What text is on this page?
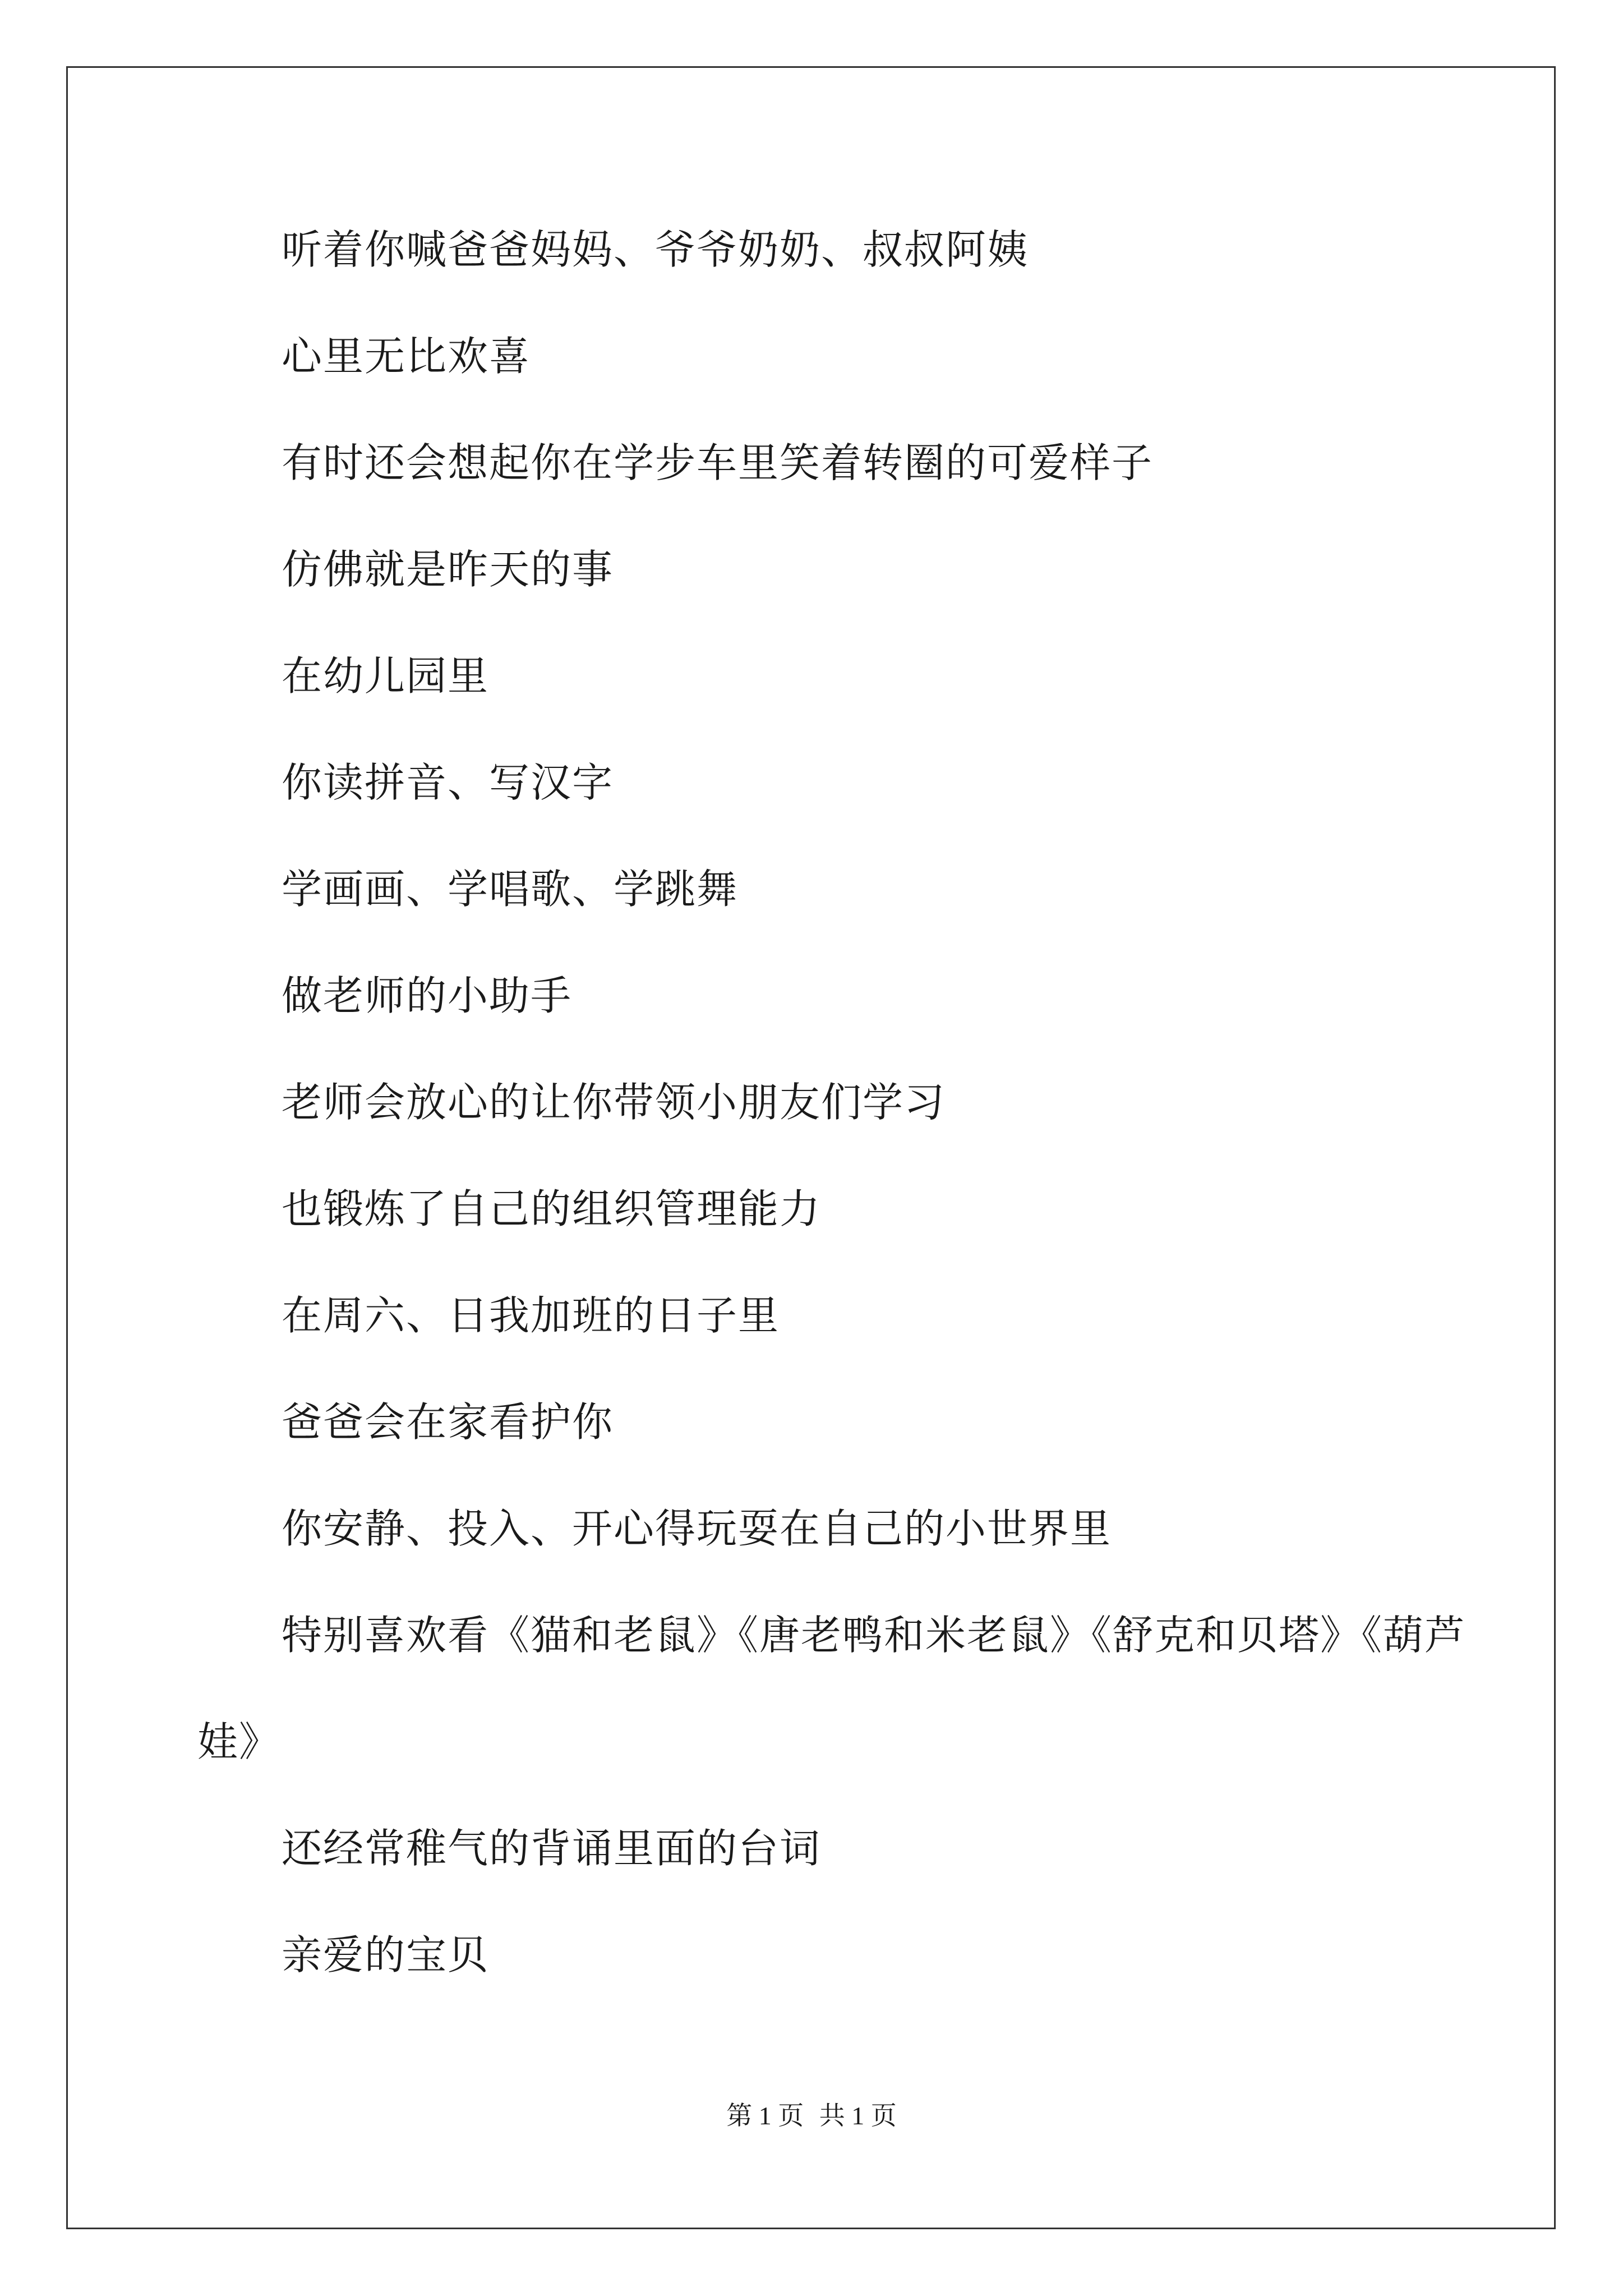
听着你喊爸爸妈妈、爷爷奶奶、叔叔阿姨
心里无比欢喜
有时还会想起你在学步车里笑着转圈的可爱样子
仿佛就是昨天的事
在幼儿园里
你读拼音、写汉字
学画画、学唱歌、学跳舞
做老师的小助手
老师会放心的让你带领小朋友们学习
也锻炼了自己的组织管理能力
在周六、日我加班的日子里
爸爸会在家看护你
你安静、投入、开心得玩耍在自己的小世界里
特别喜欢看《猫和老鼠》《唐老鸭和米老鼠》《舒克和贝塔》《葫芦
娃》
还经常稚气的背诵里面的台词
亲爱的宝贝
第 1 页 共 1 页
